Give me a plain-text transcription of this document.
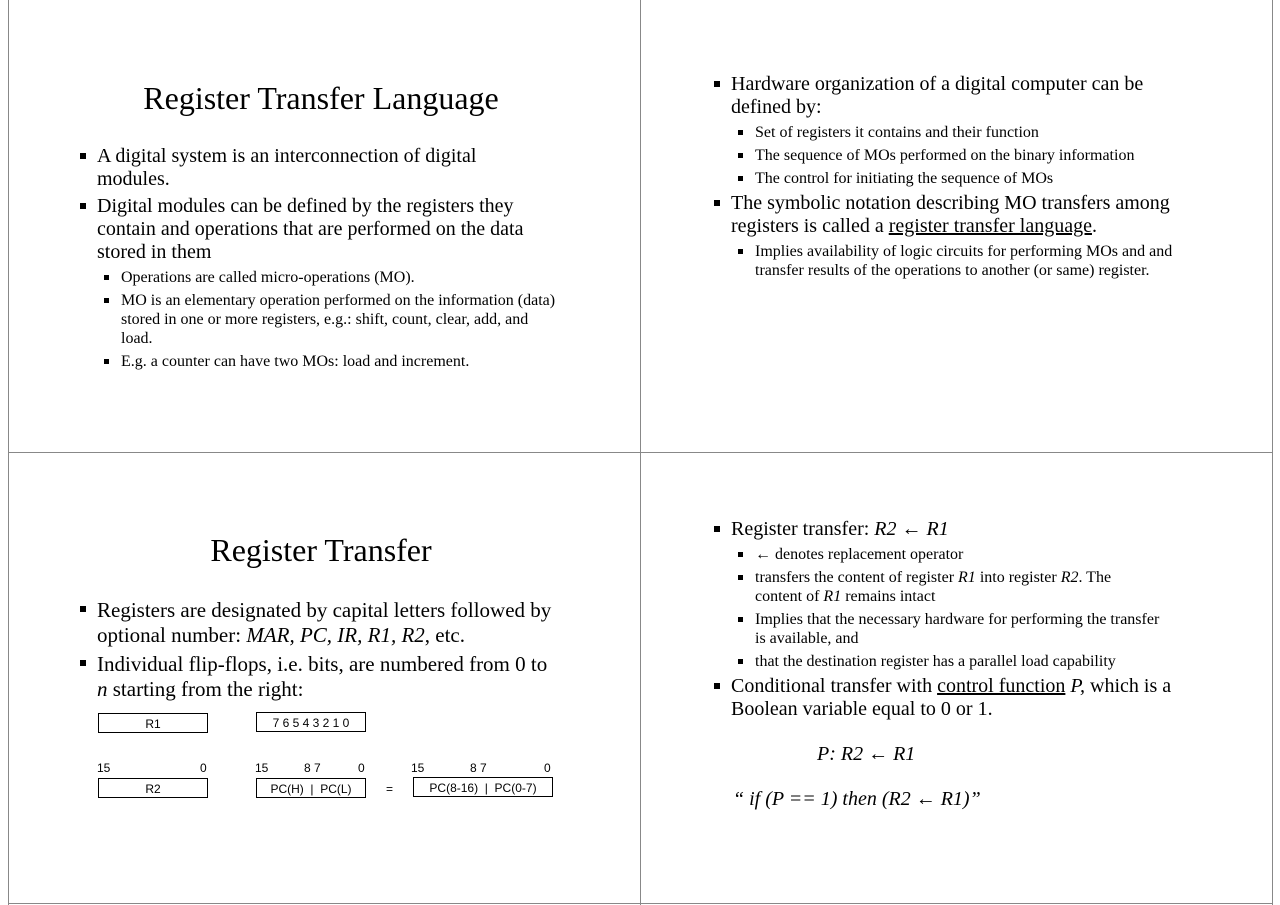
Register Transfer Language
A digital system is an interconnection of digital modules.
Digital modules can be defined by the registers they contain and operations that are performed on the data stored in them
Operations are called micro-operations (MO).
MO is an elementary operation performed on the information (data) stored in one or more registers, e.g.: shift, count, clear, add, and load.
E.g. a counter can have two MOs: load and increment.
Hardware organization of a digital computer can be defined by:
Set of registers it contains and their function
The sequence of MOs performed on the binary information
The control for initiating the sequence of MOs
The symbolic notation describing MO transfers among registers is called a register transfer language.
Implies availability of logic circuits for performing MOs and and transfer results of the operations to another (or same) register.
Register Transfer
Registers are designated by capital letters followed by optional number: MAR, PC, IR, R1, R2, etc.
Individual flip-flops, i.e. bits, are numbered from 0 to n starting from the right:
R1	7 6 5 4 3 2 1 0
15	0
R2
15	8 7	0
PC(H)  |  PC(L)	=
15	8 7	0
PC(8-16)  |  PC(0-7)
Register transfer: R2 ← R1
← denotes replacement operator
transfers the content of register R1 into register R2. The content of R1 remains intact
Implies that the necessary hardware for performing the transfer is available, and
that the destination register has a parallel load capability
Conditional transfer with control function P, which is a Boolean variable equal to 0 or 1.
P: R2 ← R1
“ if (P == 1) then (R2 ← R1)”
